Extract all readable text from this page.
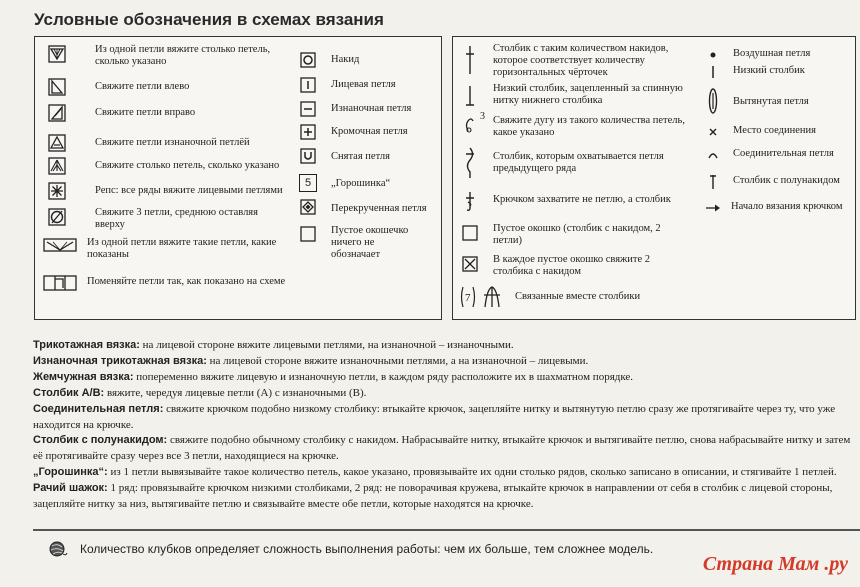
Условные обозначения в схемах вязания
Из одной петли вяжите столько петель, сколько указано
Свяжите петли влево
Свяжите петли вправо
Свяжите петли изнаночной петлёй
Свяжите столько петель, сколько указано
Репс: все ряды вяжите лицевыми петлями
Свяжите 3 петли, среднюю оставляя вверху
Из одной петли вяжите такие петли, какие показаны
Поменяйте петли так, как показано на схеме
Накид
Лицевая петля
Изнаночная петля
Кромочная петля
Снятая петля
5	„Горошинка“
Перекрученная петля
Пустое окошечко ничего не обозначает
Столбик с таким количеством накидов, которое соответствует количеству горизонтальных чёрточек
Низкий столбик, зацепленный за спинную нитку нижнего столбика
3 Свяжите дугу из такого количества петель, какое указано
Столбик, которым охватывается петля предыдущего ряда
Крючком захватите не петлю, а столбик
Пустое окошко (столбик с накидом, 2 петли)
В каждое пустое окошко свяжите 2 столбика с накидом
7	Связанные вместе столбики
Воздушная петля
Низкий столбик
Вытянутая петля
Место соединения
Соединительная петля
Столбик с полунакидом
Начало вязания крючком

Трикотажная вязка: на лицевой стороне вяжите лицевыми петлями, на изнаночной – изнаночными.

Изнаночная трикотажная вязка: на лицевой стороне вяжите изнаночными петлями, а на изнаночной – лицевыми.

Жемчужная вязка: попеременно вяжите лицевую и изнаночную петли, в каждом ряду расположите их в шахматном порядке.

Столбик А/В: вяжите, чередуя лицевые петли (А) с изнаночными (В).

Соединительная петля: свяжите крючком подобно низкому столбику: втыкайте крючок, зацепляйте нитку и вытянутую петлю сразу же протягивайте через ту, что уже находится на крючке.

Столбик с полунакидом: свяжите подобно обычному столбику с накидом. Набрасывайте нитку, втыкайте крючок и вытягивайте петлю, снова набрасывайте нитку и затем её протягивайте сразу через все 3 петли, находящиеся на крючке.

„Горошинка“: из 1 петли вывязывайте такое количество петель, какое указано, провязывайте их одни столько рядов, сколько записано в описании, и стягивайте 1 петлей.

Рачий шажок: 1 ряд: провязывайте крючком низкими столбиками, 2 ряд: не поворачивая кружева, втыкайте крючок в направлении от себя в столбик с лицевой стороны, зацепляйте нитку за низ, вытягивайте петлю и связывайте вместе обе петли, которые находятся на крючке.

Количество клубков определяет сложность выполнения работы: чем их больше, тем сложнее модель.
Страна Мам .ру
